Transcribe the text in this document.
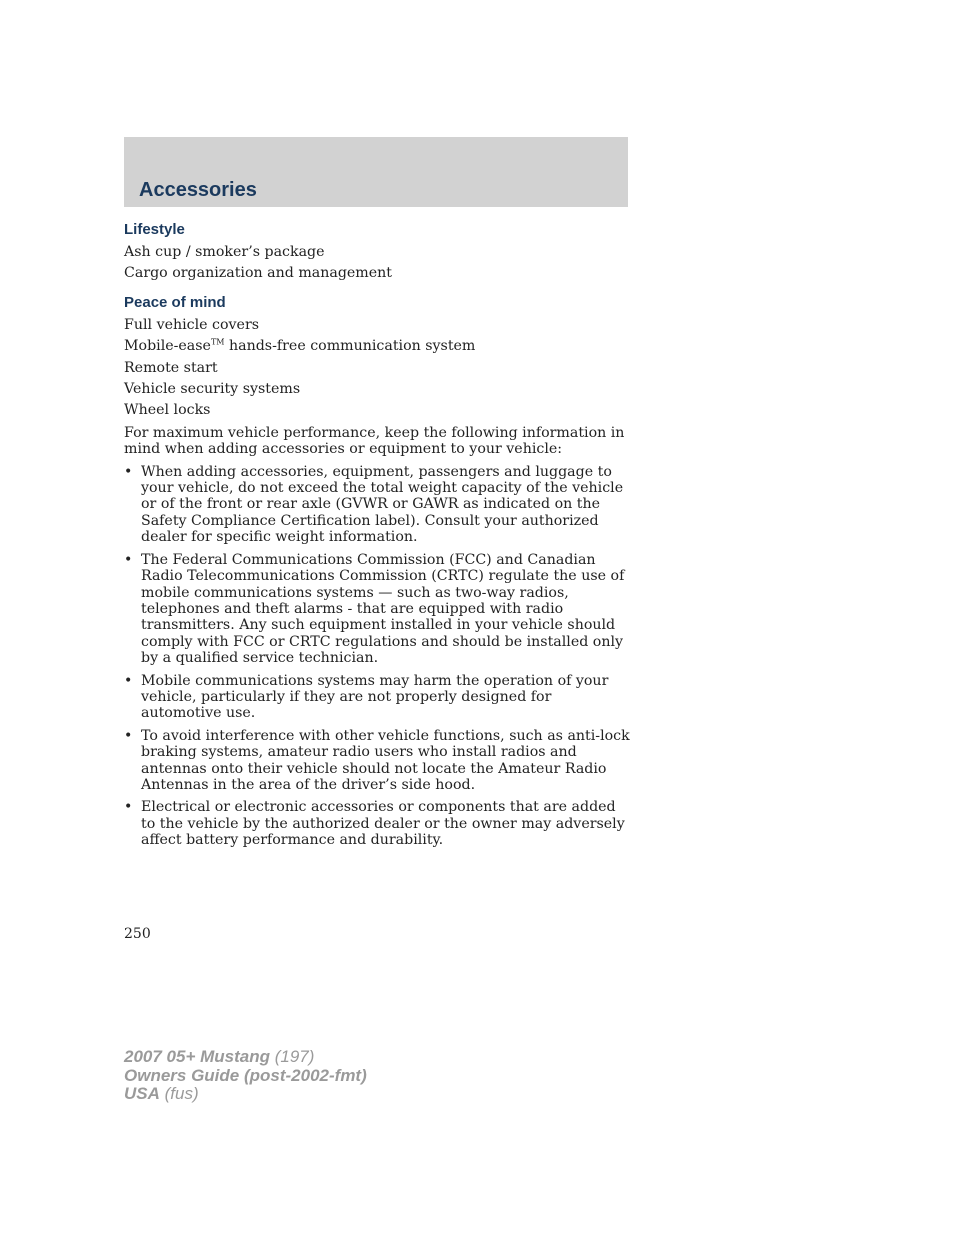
Accessories
Lifestyle
Ash cup / smoker’s package
Cargo organization and management
Peace of mind
Full vehicle covers
Mobile-ease™ hands-free communication system
Remote start
Vehicle security systems
Wheel locks

For maximum vehicle performance, keep the following information in mind when adding accessories or equipment to your vehicle:

• When adding accessories, equipment, passengers and luggage to your vehicle, do not exceed the total weight capacity of the vehicle or of the front or rear axle (GVWR or GAWR as indicated on the Safety Compliance Certification label). Consult your authorized dealer for specific weight information.
• The Federal Communications Commission (FCC) and Canadian Radio Telecommunications Commission (CRTC) regulate the use of mobile communications systems — such as two-way radios, telephones and theft alarms - that are equipped with radio transmitters. Any such equipment installed in your vehicle should comply with FCC or CRTC regulations and should be installed only by a qualified service technician.
• Mobile communications systems may harm the operation of your vehicle, particularly if they are not properly designed for automotive use.
• To avoid interference with other vehicle functions, such as anti-lock braking systems, amateur radio users who install radios and antennas onto their vehicle should not locate the Amateur Radio Antennas in the area of the driver’s side hood.
• Electrical or electronic accessories or components that are added to the vehicle by the authorized dealer or the owner may adversely affect battery performance and durability.
250
2007 05+ Mustang (197)
Owners Guide (post-2002-fmt)
USA (fus)
